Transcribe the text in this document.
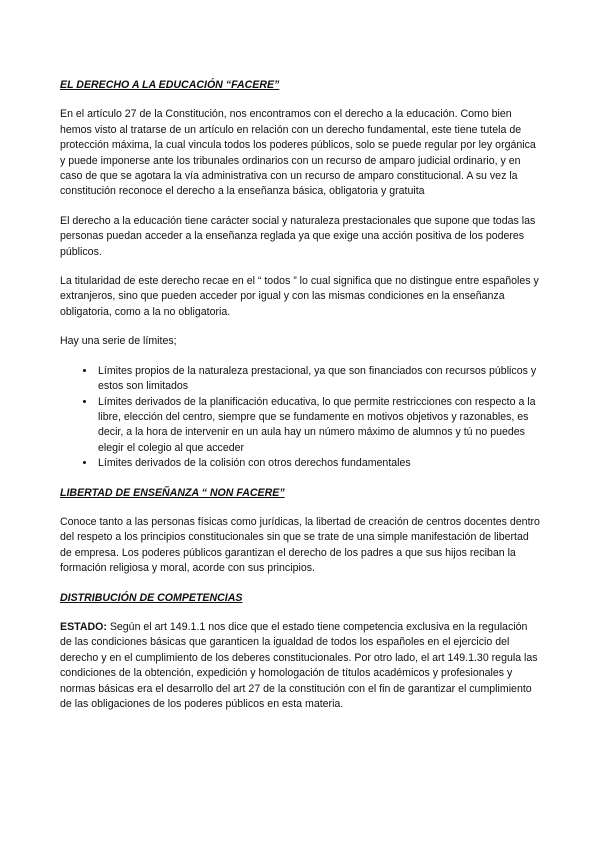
EL DERECHO A LA EDUCACIÓN “FACERE”

En el artículo 27 de la Constitución, nos encontramos con el derecho a la educación. Como bien hemos visto al tratarse de un artículo en relación con un derecho fundamental, este tiene tutela de protección máxima, la cual vincula todos los poderes públicos, solo se puede regular por ley orgánica y puede imponerse ante los tribunales ordinarios con un recurso de amparo judicial ordinario, y en caso de que se agotara la vía administrativa con un recurso de amparo constitucional. A su vez la constitución reconoce el derecho a la enseñanza básica, obligatoria y gratuita

El derecho a la educación tiene carácter social y naturaleza prestacionales que supone que todas las personas puedan acceder a la enseñanza reglada ya que exige una acción positiva de los poderes públicos.

La titularidad de este derecho recae en el “ todos ” lo cual significa que no distingue entre españoles y extranjeros, sino que pueden acceder por igual y con las mismas condiciones en la enseñanza obligatoria, como a la no obligatoria.

Hay una serie de límites;

• Límites propios de la naturaleza prestacional, ya que son financiados con recursos públicos y estos son limitados
• Límites derivados de la planificación educativa, lo que permite restricciones con respecto a la libre, elección del centro, siempre que se fundamente en motivos objetivos y razonables, es decir, a la hora de intervenir en un aula hay un número máximo de alumnos y tú no puedes elegir el colegio al que acceder
• Límites derivados de la colisión con otros derechos fundamentales
LIBERTAD DE ENSEÑANZA “ NON FACERE”

Conoce tanto a las personas físicas como jurídicas, la libertad de creación de centros docentes dentro del respeto a los principios constitucionales sin que se trate de una simple manifestación de libertad de empresa. Los poderes públicos garantizan el derecho de los padres a que sus hijos reciban la formación religiosa y moral, acorde con sus principios.

DISTRIBUCIÓN DE COMPETENCIAS

ESTADO: Según el art 149.1.1 nos dice que el estado tiene competencia exclusiva en la regulación de las condiciones básicas que garanticen la igualdad de todos los españoles en el ejercicio del derecho y en el cumplimiento de los deberes constitucionales. Por otro lado, el art 149.1.30 regula las condiciones de la obtención, expedición y homologación de títulos académicos y profesionales y normas básicas era el desarrollo del art 27 de la constitución con el fin de garantizar el cumplimiento de las obligaciones de los poderes públicos en esta materia.
